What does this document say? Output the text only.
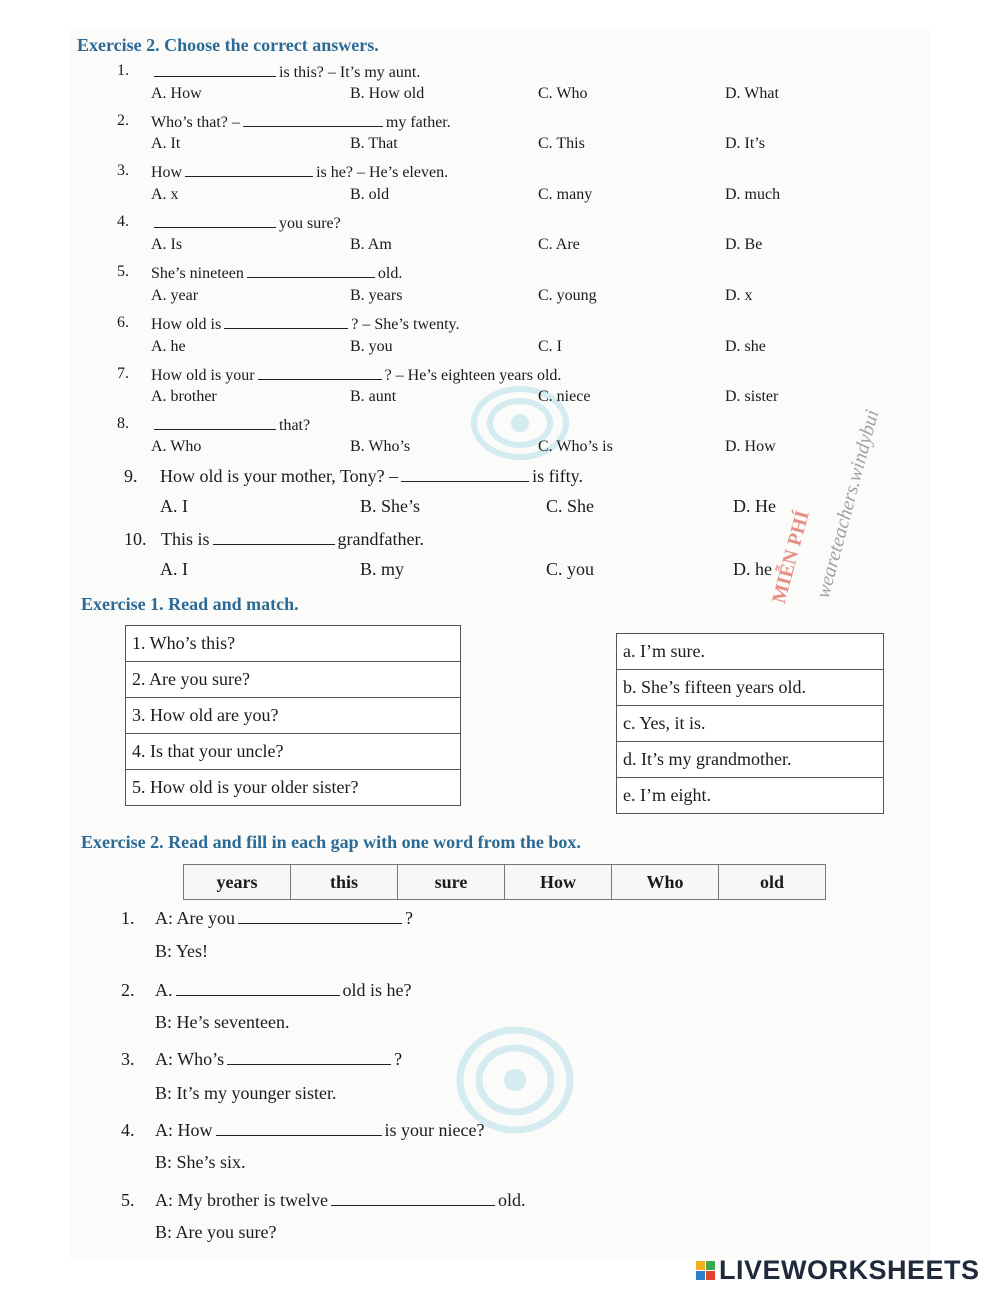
weareteachers.windybui
MIỄN PHÍ
Exercise 2. Choose the correct answers.
1.	is this? – It’s my aunt.
A. How	B. How old	C. Who	D. What
2. Who’s that? –	my father.
A. It	B. That	C. This	D. It’s
3. How	is he? – He’s eleven.
A. x	B. old	C. many	D. much
4.	you sure?
A. Is	B. Am	C. Are	D. Be
5. She’s nineteen	old.
A. year	B. years	C. young	D. x
6. How old is	? – She’s twenty.
A. he	B. you	C. I	D. she
7. How old is your	? – He’s eighteen years old.
A. brother	B. aunt	C. niece	D. sister
8.	that?
A. Who	B. Who’s	C. Who’s is	D. How
9. How old is your mother, Tony? –	is fifty.
A. I	B. She’s	C. She	D. He
10. This is	grandfather.
A. I	B. my	C. you	D. he
Exercise 1. Read and match.
1. Who’s this?
2. Are you sure?
3. How old are you?
4. Is that your uncle?
5. How old is your older sister?
a. I’m sure.
b. She’s fifteen years old.
c. Yes, it is.
d. It’s my grandmother.
e. I’m eight.
Exercise 2. Read and fill in each gap with one word from the box.
years	this	sure	How	Who	old
1. A: Are you	?
B: Yes!
2. A.	old is he?
B: He’s seventeen.
3. A: Who’s	?
B: It’s my younger sister.
4. A: How	is your niece?
B: She’s six.
5. A: My brother is twelve	old.
B: Are you sure?
LIVEWORKSHEETS
